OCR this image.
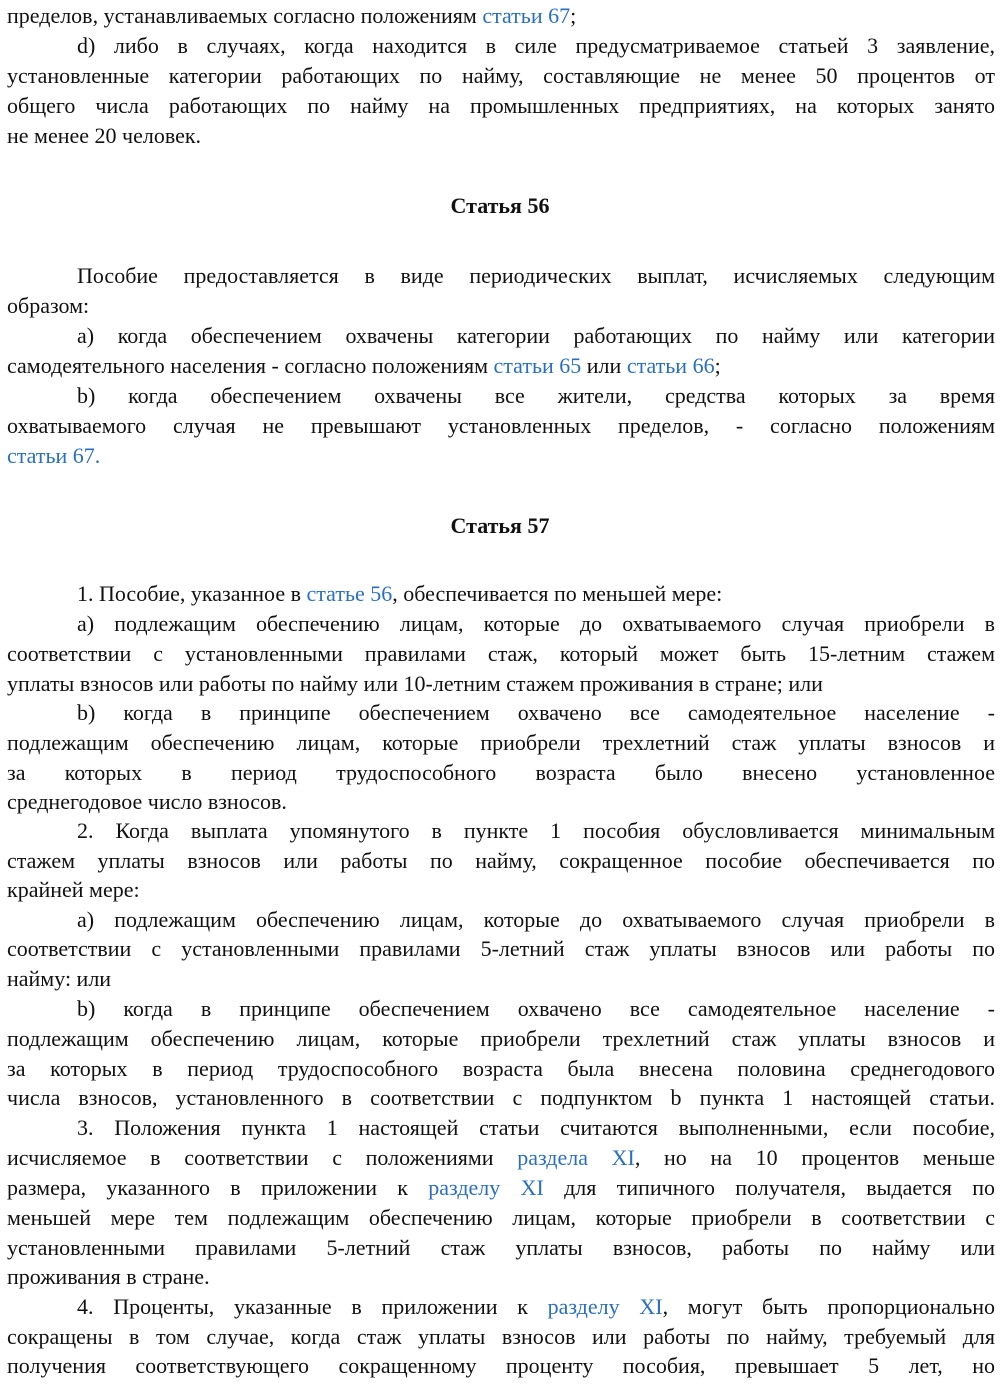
пределов, устанавливаемых согласно положениям статьи 67;
d) либо в случаях, когда находится в силе предусматриваемое статьей 3 заявление,
установленные категории работающих по найму, составляющие не менее 50 процентов от
общего числа работающих по найму на промышленных предприятиях, на которых занято
не менее 20 человек.
Статья 56
Пособие предоставляется в виде периодических выплат, исчисляемых следующим
образом:
а) когда обеспечением охвачены категории работающих по найму или категории
самодеятельного населения - согласно положениям статьи 65 или статьи 66;
b) когда обеспечением охвачены все жители, средства которых за время
охватываемого случая не превышают установленных пределов, - согласно положениям
статьи 67.
Статья 57
1. Пособие, указанное в статье 56, обеспечивается по меньшей мере:
а) подлежащим обеспечению лицам, которые до охватываемого случая приобрели в
соответствии с установленными правилами стаж, который может быть 15-летним стажем
уплаты взносов или работы по найму или 10-летним стажем проживания в стране; или
b) когда в принципе обеспечением охвачено все самодеятельное население -
подлежащим обеспечению лицам, которые приобрели трехлетний стаж уплаты взносов и
за которых в период трудоспособного возраста было внесено установленное
среднегодовое число взносов.
2. Когда выплата упомянутого в пункте 1 пособия обусловливается минимальным
стажем уплаты взносов или работы по найму, сокращенное пособие обеспечивается по
крайней мере:
а) подлежащим обеспечению лицам, которые до охватываемого случая приобрели в
соответствии с установленными правилами 5-летний стаж уплаты взносов или работы по
найму: или
b) когда в принципе обеспечением охвачено все самодеятельное население -
подлежащим обеспечению лицам, которые приобрели трехлетний стаж уплаты взносов и
за которых в период трудоспособного возраста была внесена половина среднегодового
числа взносов, установленного в соответствии с подпунктом b пункта 1 настоящей статьи.
3. Положения пункта 1 настоящей статьи считаются выполненными, если пособие,
исчисляемое в соответствии с положениями раздела XI, но на 10 процентов меньше
размера, указанного в приложении к разделу XI для типичного получателя, выдается по
меньшей мере тем подлежащим обеспечению лицам, которые приобрели в соответствии с
установленными правилами 5-летний стаж уплаты взносов, работы по найму или
проживания в стране.
4. Проценты, указанные в приложении к разделу XI, могут быть пропорционально
сокращены в том случае, когда стаж уплаты взносов или работы по найму, требуемый для
получения соответствующего сокращенному проценту пособия, превышает 5 лет, но
